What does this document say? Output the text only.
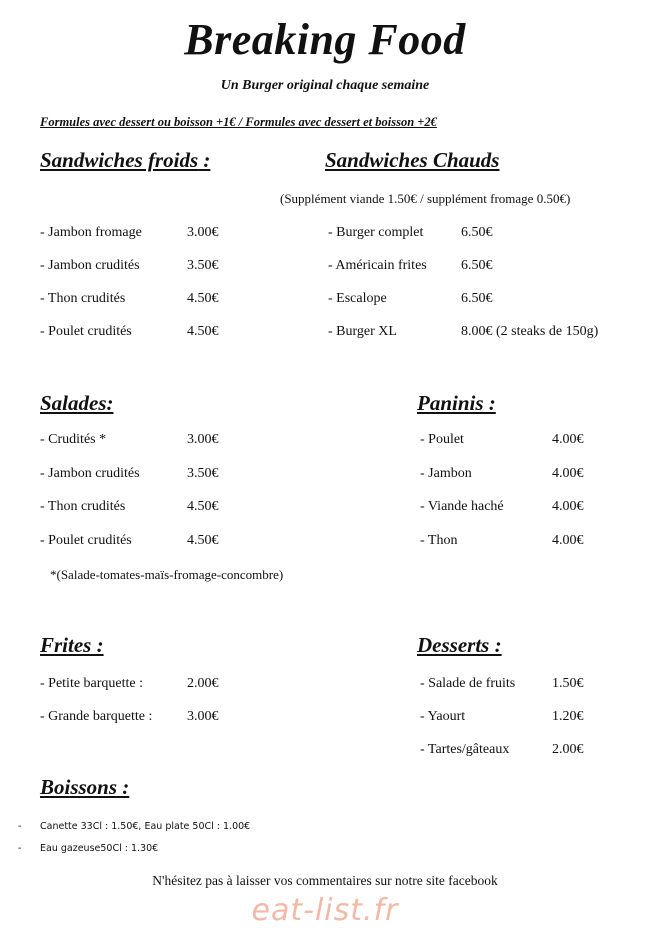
Breaking Food
Un Burger original chaque semaine
Formules avec dessert ou boisson +1€ / Formules avec dessert et boisson +2€
Sandwiches froids :
- Jambon fromage	3.00€
- Jambon crudités	3.50€
- Thon crudités	4.50€
- Poulet crudités	4.50€
Sandwiches Chauds
(Supplément viande 1.50€ / supplément fromage 0.50€)
- Burger complet	6.50€
- Américain frites 6.50€
- Escalope	6.50€
- Burger XL	8.00€ (2 steaks de 150g)
Salades:
- Crudités *	3.00€
- Jambon crudités	3.50€
- Thon crudités	4.50€
- Poulet crudités	4.50€
*(Salade-tomates-maïs-fromage-concombre)
Paninis :
- Poulet	4.00€
- Jambon	4.00€
- Viande haché	4.00€
- Thon	4.00€
Frites :
- Petite barquette :	2.00€
- Grande barquette : 3.00€
Desserts :
- Salade de fruits	1.50€
- Yaourt	1.20€
- Tartes/gâteaux	2.00€
Boissons :
- Canette 33Cl : 1.50€, Eau plate 50Cl : 1.00€
- Eau gazeuse50Cl : 1.30€
N'hésitez pas à laisser vos commentaires sur notre site facebook
eat-list.fr
